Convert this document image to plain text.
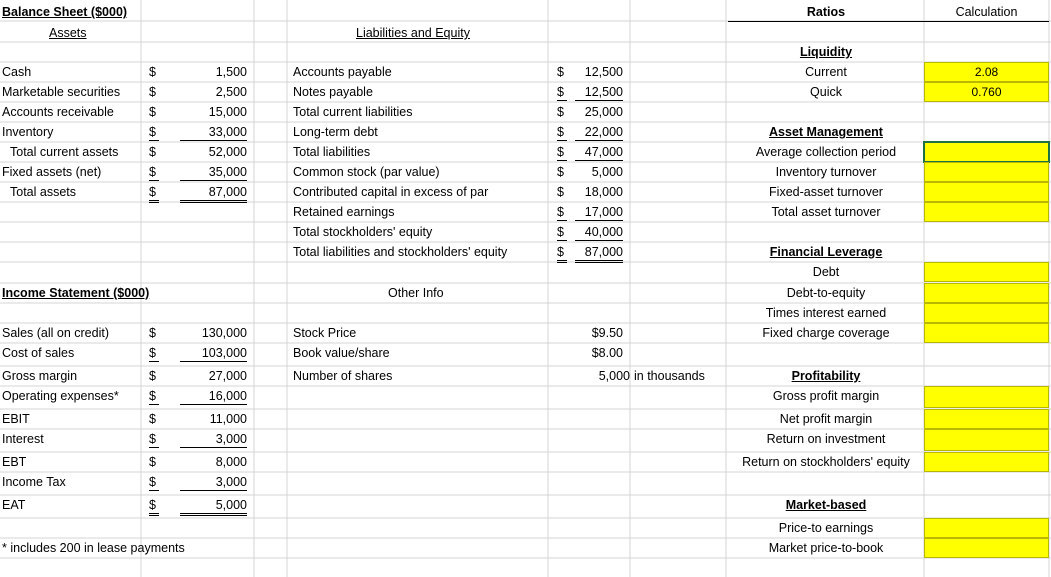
Balance Sheet ($000)
Assets	Liabilities and Equity
Cash	$	1,500
Marketable securities $	2,500
Accounts receivable	$	15,000
Inventory	$	33,000
Total current assets $	52,000
Fixed assets (net)	$	35,000
Total assets	$	87,000
Accounts payable	$	12,500
Notes payable	$	12,500
Total current liabilities	$	25,000
Long-term debt	$	22,000
Total liabilities	$	47,000
Common stock (par value)	$	5,000
Contributed capital in excess of par	$	18,000
Retained earnings	$	17,000
Total stockholders' equity	$	40,000
Total liabilities and stockholders' equity	$	87,000
Income Statement ($000)	Other Info
Sales (all on credit)	$	130,000
Cost of sales	$	103,000
Gross margin	$	27,000
Operating expenses* $	16,000
EBIT	$	11,000
Interest	$	3,000
EBT	$	8,000
Income Tax	$	3,000
EAT	$	5,000
* includes 200 in lease payments
Stock Price	$9.50
Book value/share	$8.00
Number of shares	5,000 in thousands
Ratios	Calculation
Liquidity
Current	2.08
Quick	0.760
Asset Management
Average collection period
Inventory turnover
Fixed-asset turnover
Total asset turnover
Financial Leverage
Debt
Debt-to-equity
Times interest earned
Fixed charge coverage
Profitability
Gross profit margin
Net profit margin
Return on investment
Return on stockholders' equity
Market-based
Price-to earnings
Market price-to-book
